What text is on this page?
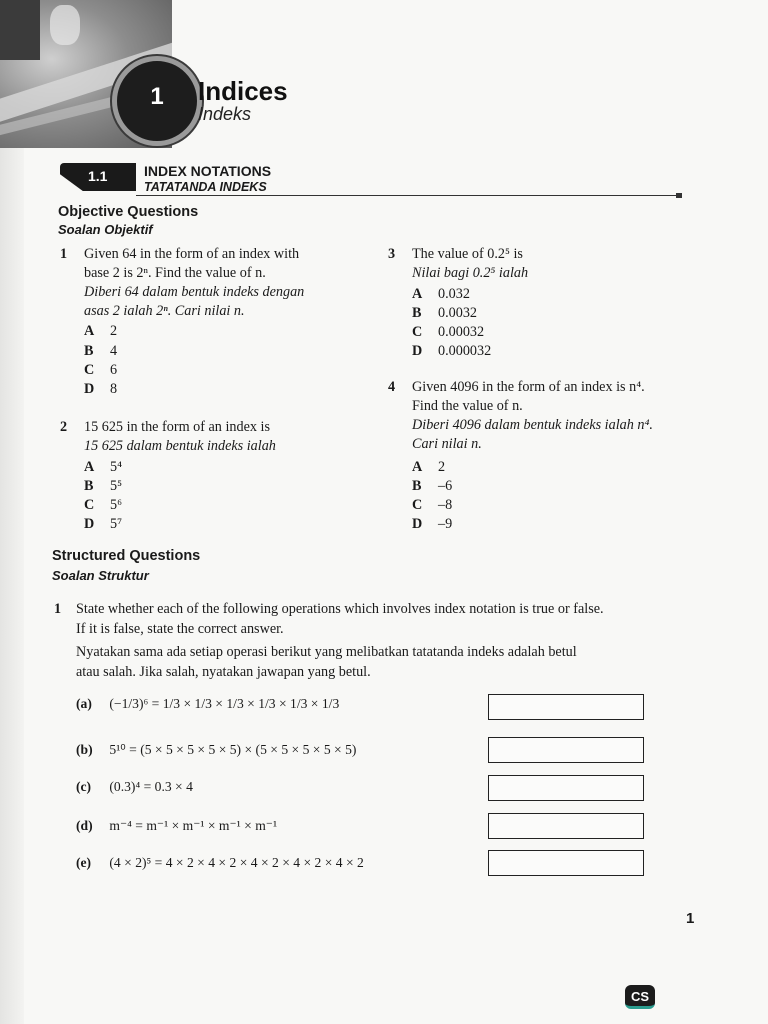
1	Indices
Indeks
1.1	INDEX NOTATIONS
TATATANDA INDEKS
Objective Questions
Soalan Objektif
1 Given 64 in the form of an index with
base 2 is 2ⁿ. Find the value of n.
Diberi 64 dalam bentuk indeks dengan
asas 2 ialah 2ⁿ. Cari nilai n.
A 2
B 4
C 6
D 8
2 15 625 in the form of an index is
15 625 dalam bentuk indeks ialah
A 5⁴
B 5⁵
C 5⁶
D 5⁷
3 The value of 0.2⁵ is
Nilai bagi 0.2⁵ ialah
A 0.032
B 0.0032
C 0.00032
D 0.000032
4 Given 4096 in the form of an index is n⁴.
Find the value of n.
Diberi 4096 dalam bentuk indeks ialah n⁴.
Cari nilai n.
A 2
B –6
C –8
D –9
Structured Questions
Soalan Struktur
1 State whether each of the following operations which involves index notation is true or false.
If it is false, state the correct answer.
Nyatakan sama ada setiap operasi berikut yang melibatkan tatatanda indeks adalah betul
atau salah. Jika salah, nyatakan jawapan yang betul.
(a) (−1/3)⁶ = 1/3 × 1/3 × 1/3 × 1/3 × 1/3 × 1/3
(b) 5¹⁰ = (5 × 5 × 5 × 5 × 5) × (5 × 5 × 5 × 5 × 5)
(c) (0.3)⁴ = 0.3 × 4
(d) m⁻⁴ = m⁻¹ × m⁻¹ × m⁻¹ × m⁻¹
(e) (4 × 2)⁵ = 4 × 2 × 4 × 2 × 4 × 2 × 4 × 2 × 4 × 2
1
CS
